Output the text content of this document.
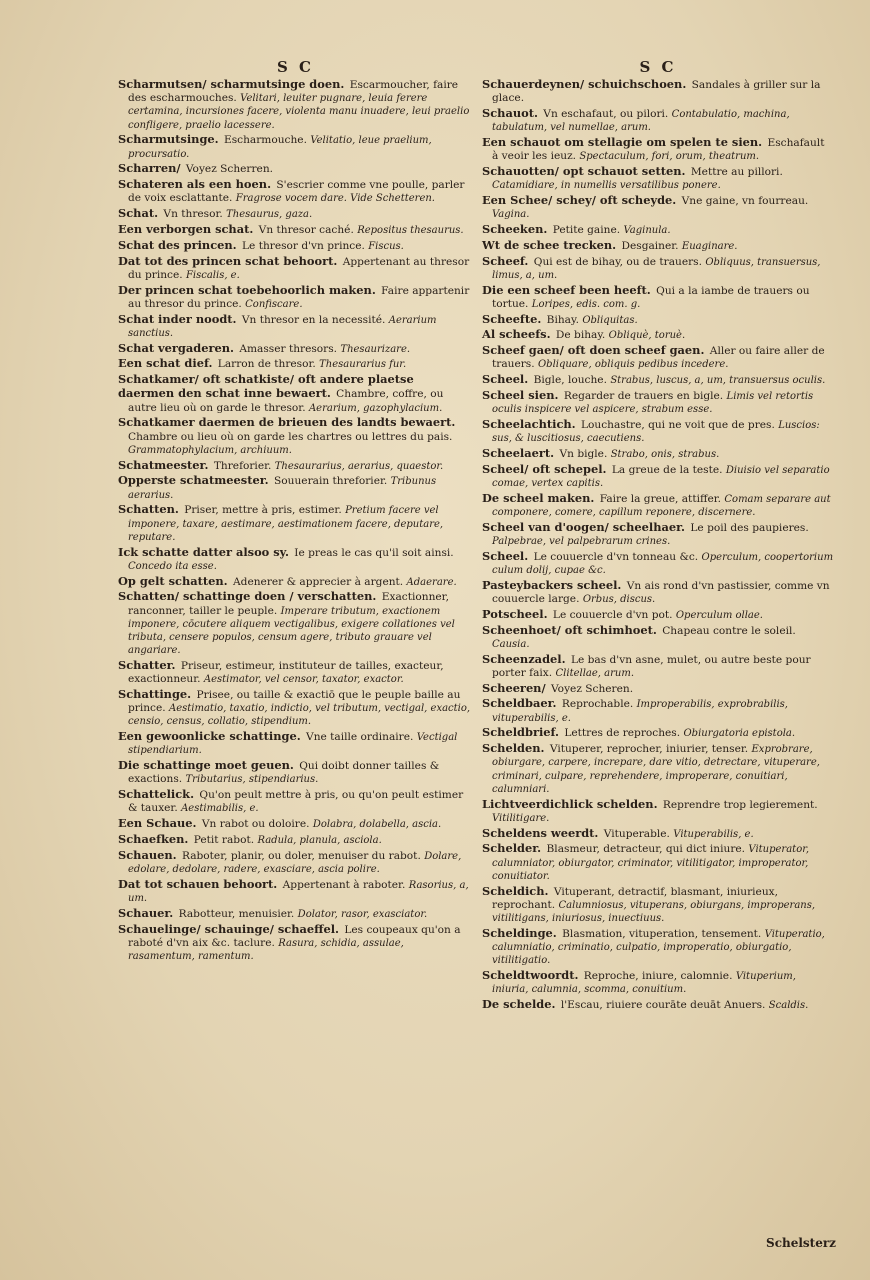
S C
Scharmutsen/ scharmutsinge doen. Escarmoucher, faire des escharmouches. Velitari, leuiter pugnare, leuia ferere certamina, incursiones facere, violenta manu inuadere, leui praelio confligere, praelio lacessere.
Scharmutsinge. Escharmouche. Velitatio, leue praelium, procursatio.
Scharren/ Voyez Scherren.
Schateren als een hoen. S'escrier comme vne poulle, parler de voix esclattante. Fragrose vocem dare. Vide Schetteren.
Schat. Vn thresor. Thesaurus, gaza.
Een verborgen schat. Vn thresor caché. Repositus thesaurus.
Schat des princen. Le thresor d'vn prince. Fiscus.
Dat tot des princen schat behoort. Appertenant au thresor du prince. Fiscalis, e.
Der princen schat toebehoorlich maken. Faire appartenir au thresor du prince. Confiscare.
Schat inder noodt. Vn thresor en la necessité. Aerarium sanctius.
Schat vergaderen. Amasser thresors. Thesaurizare.
Een schat dief. Larron de thresor. Thesaurarius fur.
Schatkamer/ oft schatkiste/ oft andere plaetse daermen den schat inne bewaert. Chambre, coffre, ou autre lieu où on garde le thresor. Aerarium, gazophylacium.
Schatkamer daermen de brieuen des landts bewaert. Chambre ou lieu où on garde les chartres ou lettres du pais. Grammatophylacium, archiuum.
Schatmeester. Threforier. Thesaurarius, aerarius, quaestor.
Opperste schatmeester. Souuerain threforier. Tribunus aerarius.
Schatten. Priser, mettre à pris, estimer. Pretium facere vel imponere, taxare, aestimare, aestimationem facere, deputare, reputare.
Ick schatte datter alsoo sy. Ie preas le cas qu'il soit ainsi. Concedo ita esse.
Op gelt schatten. Adenerer & apprecier à argent. Adaerare.
Schatten/ schattinge doen / verschatten. Exactionner, ranconner, tailler le peuple. Imperare tributum, exactionem imponere, cōcutere aliquem vectigalibus, exigere collationes vel tributa, censere populos, censum agere, tributo grauare vel angariare.
Schatter. Priseur, estimeur, instituteur de tailles, exacteur, exactionneur. Aestimator, vel censor, taxator, exactor.
Schattinge. Prisee, ou taille & exactiō que le peuple baille au prince. Aestimatio, taxatio, indictio, vel tributum, vectigal, exactio, censio, census, collatio, stipendium.
Een gewoonlicke schattinge. Vne taille ordinaire. Vectigal stipendiarium.
Die schattinge moet geuen. Qui doibt donner tailles & exactions. Tributarius, stipendiarius.
Schattelick. Qu'on peult mettre à pris, ou qu'on peult estimer & tauxer. Aestimabilis, e.
Een Schaue. Vn rabot ou doloire. Dolabra, dolabella, ascia.
Schaefken. Petit rabot. Radula, planula, asciola.
Schauen. Raboter, planir, ou doler, menuiser du rabot. Dolare, edolare, dedolare, radere, exasciare, ascia polire.
Dat tot schauen behoort. Appertenant à raboter. Rasorius, a, um.
Schauer. Rabotteur, menuisier. Dolator, rasor, exasciator.
Schauelinge/ schauinge/ schaeffel. Les coupeaux qu'on a raboté d'vn aix &c. taclure. Rasura, schidia, assulae, rasamentum, ramentum.
S C
Schauerdeynen/ schuichschoen. Sandales à griller sur la glace.
Schauot. Vn eschafaut, ou pilori. Contabulatio, machina, tabulatum, vel numellae, arum.
Een schauot om stellagie om spelen te sien. Eschafault à veoir les ieuz. Spectaculum, fori, orum, theatrum.
Schauotten/ opt schauot setten. Mettre au pillori. Catamidiare, in numellis versatilibus ponere.
Een Schee/ schey/ oft scheyde. Vne gaine, vn fourreau. Vagina.
Scheeken. Petite gaine. Vaginula.
Wt de schee trecken. Desgainer. Euaginare.
Scheef. Qui est de bihay, ou de trauers. Obliquus, transuersus, limus, a, um.
Die een scheef been heeft. Qui a la iambe de trauers ou tortue. Loripes, edis. com. g.
Scheefte. Bihay. Obliquitas.
Al scheefs. De bihay. Obliquè, toruè.
Scheef gaen/ oft doen scheef gaen. Aller ou faire aller de trauers. Obliquare, obliquis pedibus incedere.
Scheel. Bigle, louche. Strabus, luscus, a, um, transuersus oculis.
Scheel sien. Regarder de trauers en bigle. Limis vel retortis oculis inspicere vel aspicere, strabum esse.
Scheelachtich. Louchastre, qui ne voit que de pres. Luscios: sus, & luscitiosus, caecutiens.
Scheelaert. Vn bigle. Strabo, onis, strabus.
Scheel/ oft schepel. La greue de la teste. Diuisio vel separatio comae, vertex capitis.
De scheel maken. Faire la greue, attiffer. Comam separare aut componere, comere, capillum reponere, discernere.
Scheel van d'oogen/ scheelhaer. Le poil des paupieres. Palpebrae, vel palpebrarum crines.
Scheel. Le couuercle d'vn tonneau &c. Operculum, coopertorium culum dolij, cupae &c.
Pasteybackers scheel. Vn ais rond d'vn pastissier, comme vn couuercle large. Orbus, discus.
Potscheel. Le couuercle d'vn pot. Operculum ollae.
Scheenhoet/ oft schimhoet. Chapeau contre le soleil. Causia.
Scheenzadel. Le bas d'vn asne, mulet, ou autre beste pour porter faix. Clitellae, arum.
Scheeren/ Voyez Scheren.
Scheldbaer. Reprochable. Improperabilis, exprobrabilis, vituperabilis, e.
Scheldbrief. Lettres de reproches. Obiurgatoria epistola.
Schelden. Vituperer, reprocher, iniurier, tenser. Exprobrare, obiurgare, carpere, increpare, dare vitio, detrectare, vituperare, criminari, culpare, reprehendere, improperare, conuitiari, calumniari.
Lichtveerdichlick schelden. Reprendre trop legierement. Vitilitigare.
Scheldens weerdt. Vituperable. Vituperabilis, e.
Schelder. Blasmeur, detracteur, qui dict iniure. Vituperator, calumniator, obiurgator, criminator, vitilitigator, improperator, conuitiator.
Scheldich. Vituperant, detractif, blasmant, iniurieux, reprochant. Calumniosus, vituperans, obiurgans, improperans, vitilitigans, iniuriosus, inuectiuus.
Scheldinge. Blasmation, vituperation, tensement. Vituperatio, calumniatio, criminatio, culpatio, improperatio, obiurgatio, vitilitigatio.
Scheldtwoordt. Reproche, iniure, calomnie. Vituperium, iniuria, calumnia, scomma, conuitium.
De schelde. l'Escau, riuiere courāte deuāt Anuers. Scaldis.
Schelsterz
